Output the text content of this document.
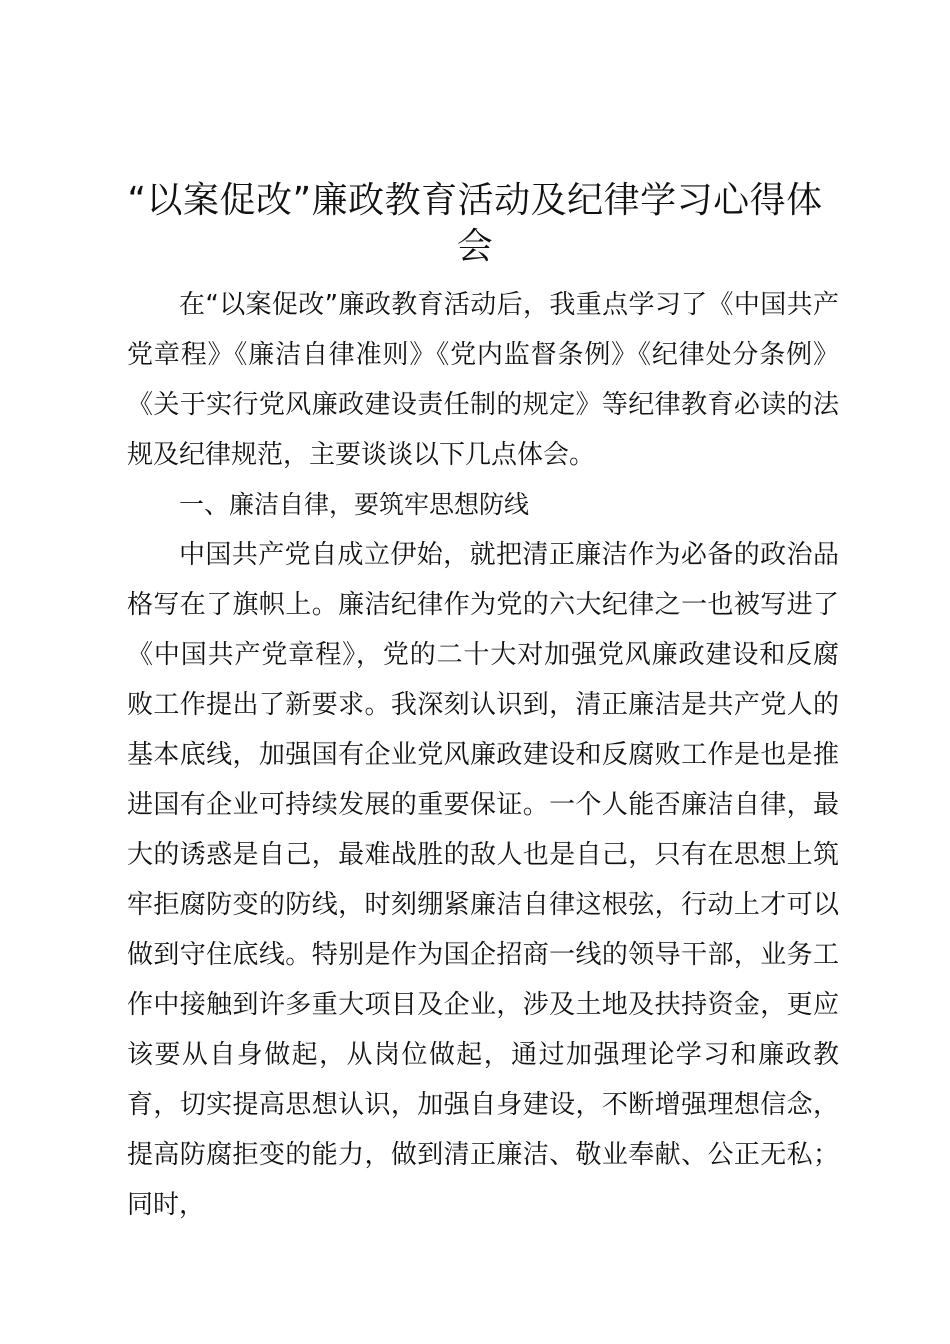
“以案促改”廉政教育活动及纪律学习心得体会

在“以案促改”廉政教育活动后，我重点学习了《中国共产党章程》《廉洁自律准则》《党内监督条例》《纪律处分条例》《关于实行党风廉政建设责任制的规定》等纪律教育必读的法规及纪律规范，主要谈谈以下几点体会。

一、廉洁自律，要筑牢思想防线

中国共产党自成立伊始，就把清正廉洁作为必备的政治品格写在了旗帜上。廉洁纪律作为党的六大纪律之一也被写进了《中国共产党章程》，党的二十大对加强党风廉政建设和反腐败工作提出了新要求。我深刻认识到，清正廉洁是共产党人的基本底线，加强国有企业党风廉政建设和反腐败工作是也是推进国有企业可持续发展的重要保证。一个人能否廉洁自律，最大的诱惑是自己，最难战胜的敌人也是自己，只有在思想上筑牢拒腐防变的防线，时刻绷紧廉洁自律这根弦，行动上才可以做到守住底线。特别是作为国企招商一线的领导干部，业务工作中接触到许多重大项目及企业，涉及土地及扶持资金，更应该要从自身做起，从岗位做起，通过加强理论学习和廉政教育，切实提高思想认识，加强自身建设，不断增强理想信念，提高防腐拒变的能力，做到清正廉洁、敬业奉献、公正无私；同时，
